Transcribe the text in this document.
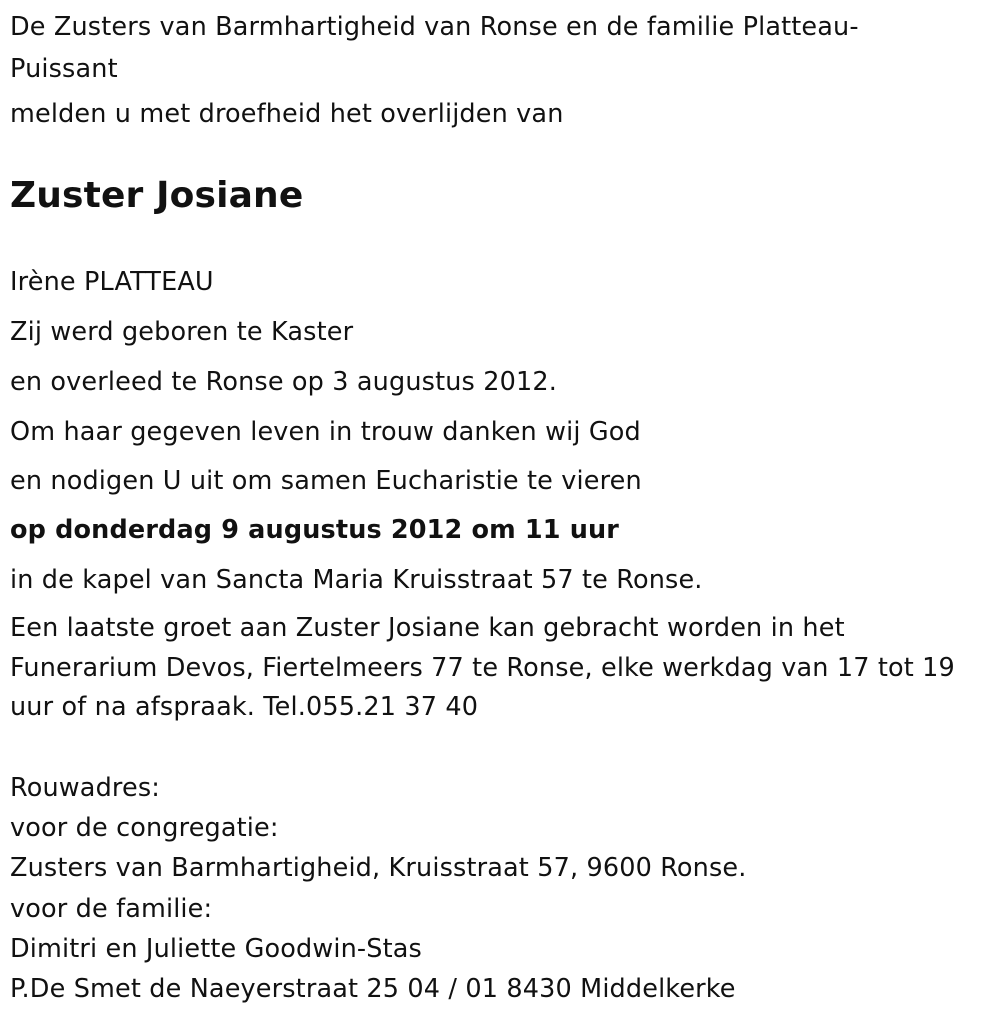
De Zusters van Barmhartigheid van Ronse en de familie Platteau-Puissant

melden u met droefheid het overlijden van

Zuster Josiane

Irène PLATTEAU

Zij werd geboren te Kaster

en overleed te Ronse op 3 augustus 2012.

Om haar gegeven leven in trouw danken wij God

en nodigen U uit om samen Eucharistie te vieren

op donderdag 9 augustus 2012 om 11 uur

in de kapel van Sancta Maria Kruisstraat 57 te Ronse.

Een laatste groet aan Zuster Josiane kan gebracht worden in het Funerarium Devos, Fiertelmeers 77 te Ronse, elke werkdag van 17 tot 19 uur of na afspraak. Tel.055.21 37 40

Rouwadres:

voor de congregatie:

Zusters van Barmhartigheid, Kruisstraat 57, 9600 Ronse.

voor de familie:

Dimitri en Juliette Goodwin-Stas

P.De Smet de Naeyerstraat 25 04 / 01 8430 Middelkerke
